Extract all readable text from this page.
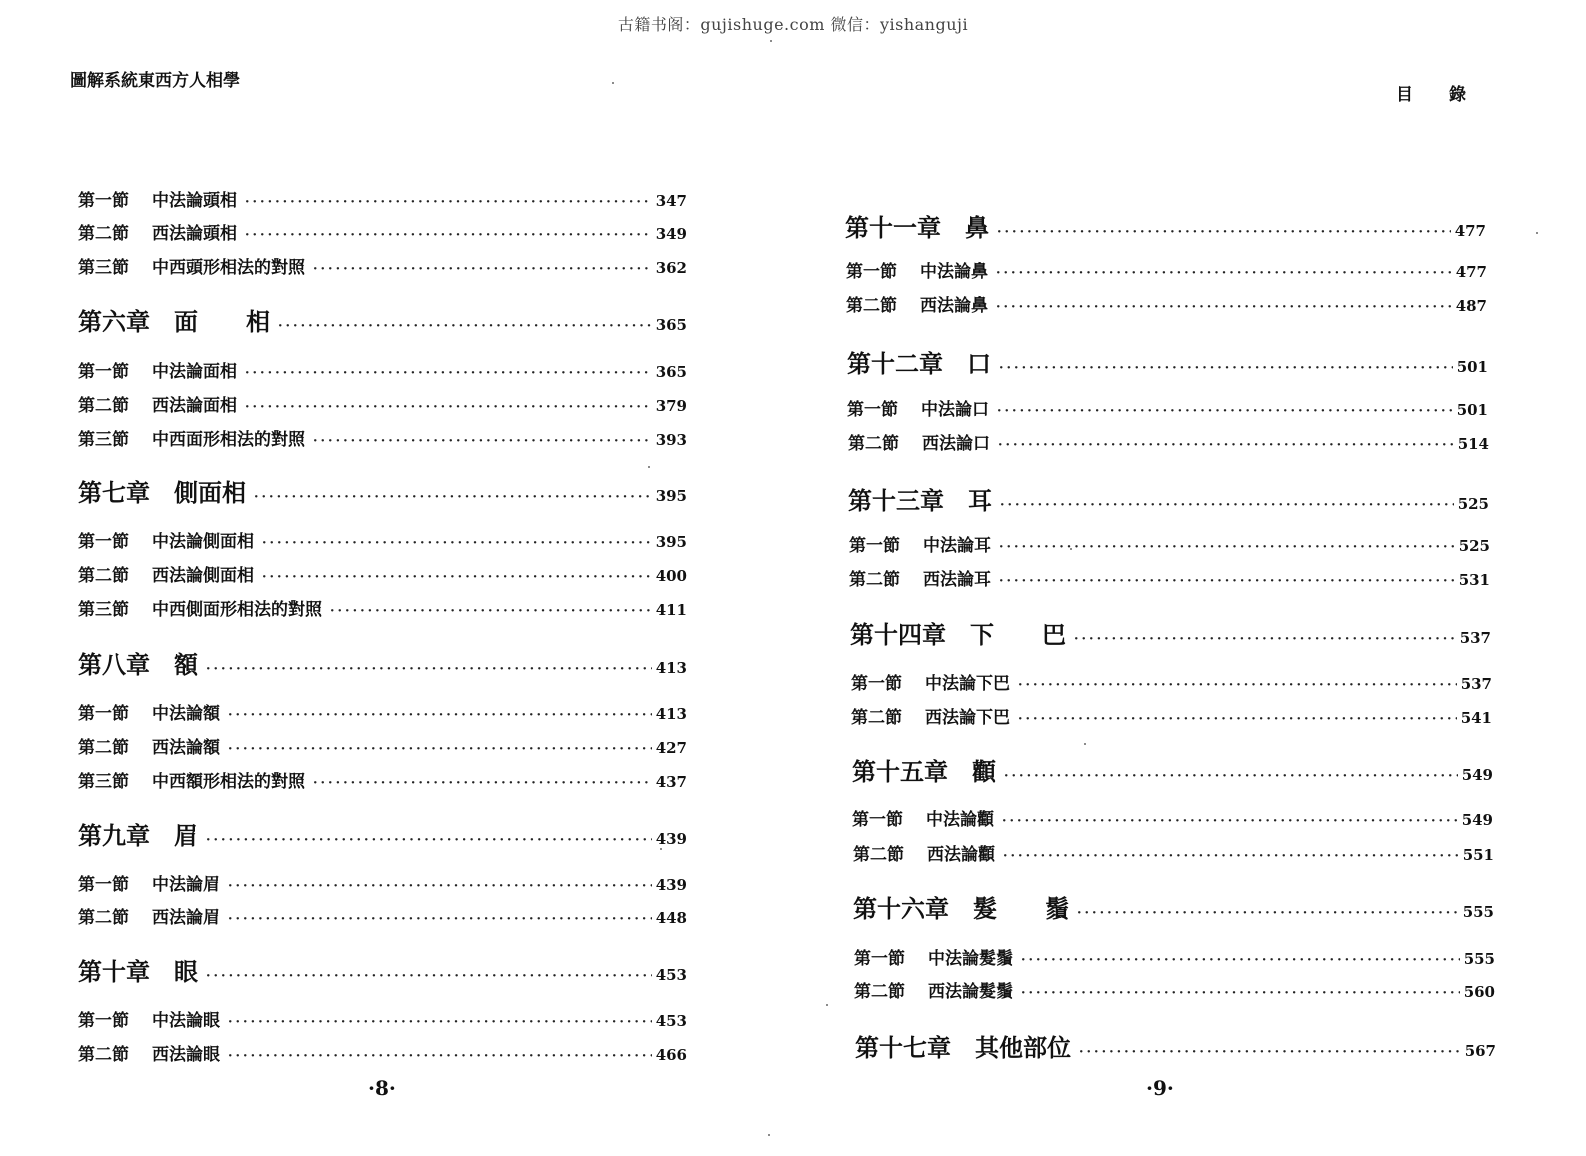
古籍书阁：gujishuge.com 微信：yishanguji
圖解系統東西方人相學
第一節	中法論頭相 ·····	347
第二節	西法論頭相 ·····	349
第三節	中西頭形相法的對照 ·····	362
第六章 面　　相 ·····	365
第一節	中法論面相 ·····	365
第二節	西法論面相 ·····	379
第三節	中西面形相法的對照 ·····	393
第七章 側面相 ·····	395
第一節	中法論側面相 ·····	395
第二節	西法論側面相 ·····	400
第三節	中西側面形相法的對照 ·····	411
第八章 額 ·····	413
第一節	中法論額 ·····	413
第二節	西法論額 ·····	427
第三節	中西額形相法的對照 ·····	437
第九章 眉 ·····	439
第一節	中法論眉 ·····	439
第二節	西法論眉 ·····	448
第十章 眼 ·····	453
第一節	中法論眼 ·····	453
第二節	西法論眼 ·····	466
·8·
目 錄
第十一章 鼻 ·····	477
第一節	中法論鼻 ·····	477
第二節	西法論鼻 ·····	487
第十二章 口 ·····	501
第一節	中法論口 ·····	501
第二節	西法論口 ·····	514
第十三章 耳 ·····	525
第一節	中法論耳 ·····	525
第二節	西法論耳 ·····	531
第十四章 下　　巴 ·····	537
第一節	中法論下巴 ·····	537
第二節	西法論下巴 ·····	541
第十五章 顴 ·····	549
第一節	中法論顴 ·····	549
第二節	西法論顴 ·····	551
第十六章 髮　　鬚 ·····	555
第一節	中法論髮鬚 ·····	555
第二節	西法論髮鬚 ·····	560
第十七章 其他部位 ·····	567
·9·
